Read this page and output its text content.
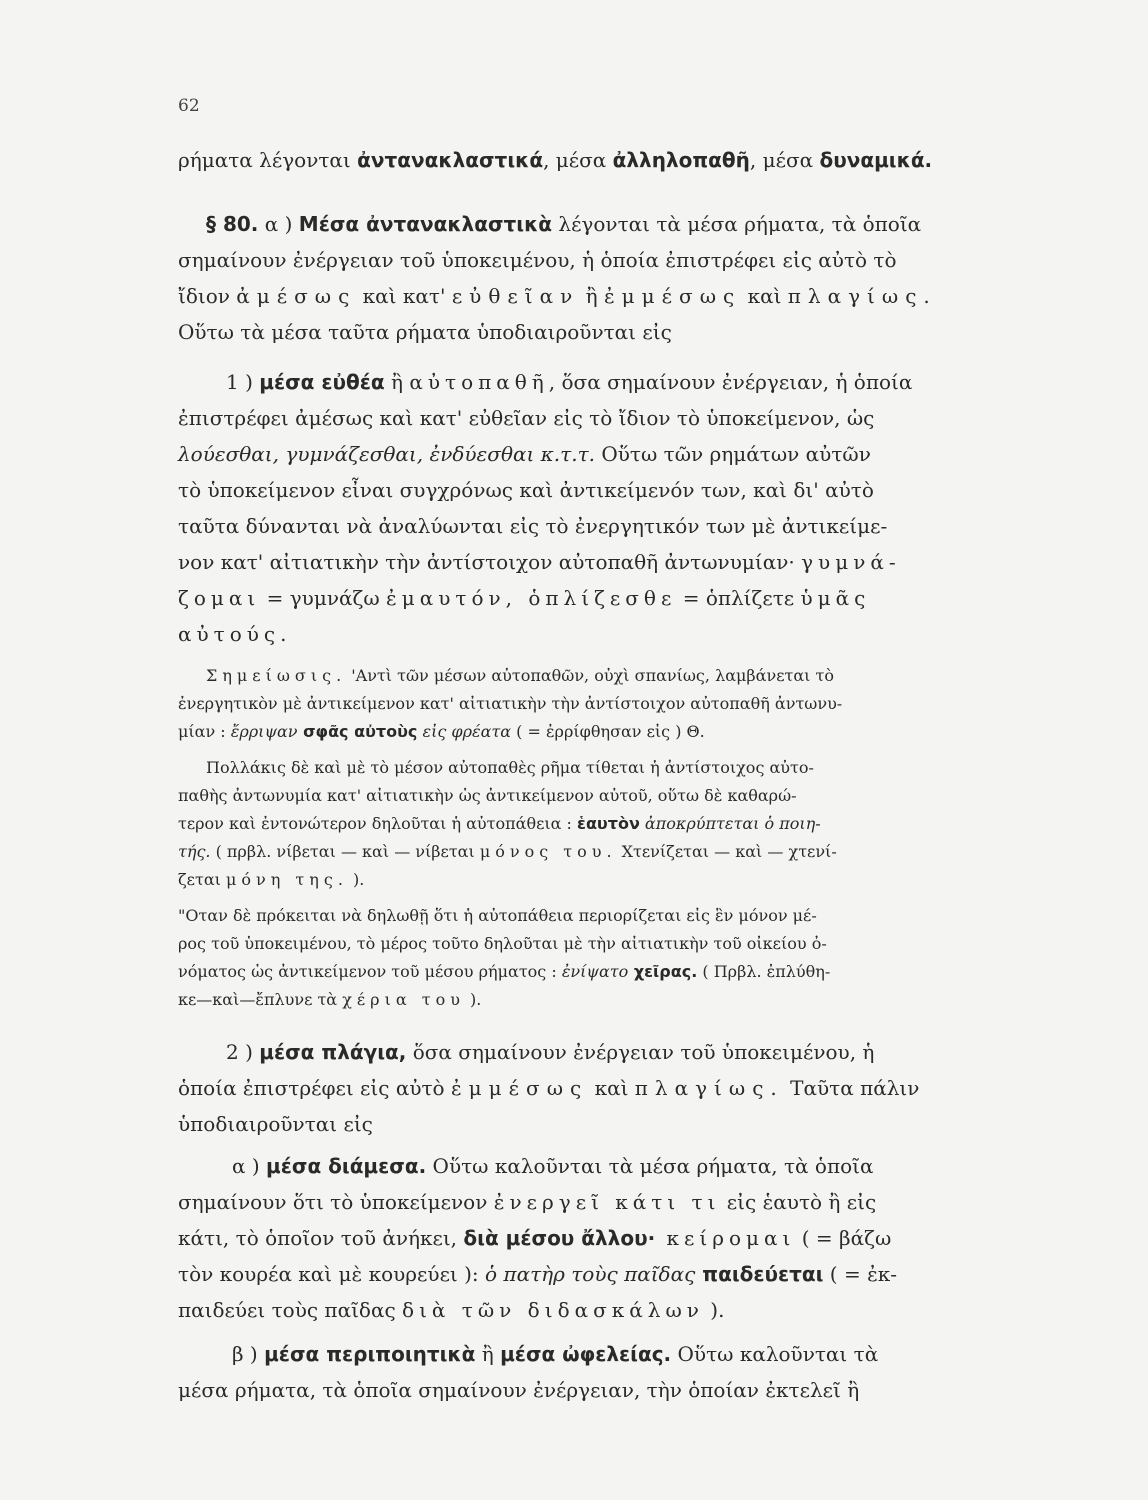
62
ρήματα λέγονται ἀντανακλαστικά, μέσα ἀλληλοπαθῆ, μέσα δυναμικά.
§ 80. α ) Μέσα ἀντανακλαστικὰ λέγονται τὰ μέσα ρήματα, τὰ ὁποῖα
σημαίνουν ἐνέργειαν τοῦ ὑποκειμένου, ἡ ὁποία ἐπιστρέφει εἰς αὐτὸ τὸ
ἴδιον ἀμέσως καὶ κατ' εὐθεῖαν ἢ ἐμμέσως καὶ πλαγίως.
Οὕτω τὰ μέσα ταῦτα ρήματα ὑποδιαιροῦνται εἰς
1 ) μέσα εὐθέα ἢ αὐτοπαθῆ, ὅσα σημαίνουν ἐνέργειαν, ἡ ὁποία
ἐπιστρέφει ἀμέσως καὶ κατ' εὐθεῖαν εἰς τὸ ἴδιον τὸ ὑποκείμενον, ὡς
λούεσθαι, γυμνάζεσθαι, ἐνδύεσθαι κ.τ.τ. Οὕτω τῶν ρημάτων αὐτῶν
τὸ ὑποκείμενον εἶναι συγχρόνως καὶ ἀντικείμενόν των, καὶ δι' αὐτὸ
ταῦτα δύνανται νὰ ἀναλύωνται εἰς τὸ ἐνεργητικόν των μὲ ἀντικείμε-
νον κατ' αἰτιατικὴν τὴν ἀντίστοιχον αὐτοπαθῆ ἀντωνυμίαν· γυμνά-
ζομαι = γυμνάζω ἐμαυτόν, ὁπλίζεσθε = ὁπλίζετε ὑμᾶς
αὐτούς.
Σημείωσις. 'Αντὶ τῶν μέσων αὐτοπαθῶν, οὐχὶ σπανίως, λαμβάνεται τὸ
ἐνεργητικὸν μὲ ἀντικείμενον κατ' αἰτιατικὴν τὴν ἀντίστοιχον αὐτοπαθῆ ἀντωνυ-
μίαν : ἔρριψαν σφᾶς αὐτοὺς εἰς φρέατα ( = ἐρρίφθησαν εἰς ) Θ.
Πολλάκις δὲ καὶ μὲ τὸ μέσον αὐτοπαθὲς ρῆμα τίθεται ἡ ἀντίστοιχος αὐτο-
παθὴς ἀντωνυμία κατ' αἰτιατικὴν ὡς ἀντικείμενον αὐτοῦ, οὕτω δὲ καθαρώ-
τερον καὶ ἐντονώτερον δηλοῦται ἡ αὐτοπάθεια : ἑαυτὸν ἀποκρύπτεται ὁ ποιη-
τής. ( πρβλ. νίβεται — καὶ — νίβεται μόνος του. Χτενίζεται — καὶ — χτενί-
ζεται μόνη της. ).
"Οταν δὲ πρόκειται νὰ δηλωθῇ ὅτι ἡ αὐτοπάθεια περιορίζεται εἰς ἓν μόνον μέ-
ρος τοῦ ὑποκειμένου, τὸ μέρος τοῦτο δηλοῦται μὲ τὴν αἰτιατικὴν τοῦ οἰκείου ὀ-
νόματος ὡς ἀντικείμενον τοῦ μέσου ρήματος : ἐνίψατο χεῖρας. ( Πρβλ. ἐπλύθη-
κε—καὶ—ἔπλυνε τὰ χέρια του ).
2 ) μέσα πλάγια, ὅσα σημαίνουν ἐνέργειαν τοῦ ὑποκειμένου, ἡ
ὁποία ἐπιστρέφει εἰς αὐτὸ ἐμμέσως καὶ πλαγίως. Ταῦτα πάλιν
ὑποδιαιροῦνται εἰς
α ) μέσα διάμεσα. Οὕτω καλοῦνται τὰ μέσα ρήματα, τὰ ὁποῖα
σημαίνουν ὅτι τὸ ὑποκείμενον ἐνεργεῖ κάτι τι εἰς ἑαυτὸ ἢ εἰς
κάτι, τὸ ὁποῖον τοῦ ἀνήκει, διὰ μέσου ἄλλου· κείρομαι ( = βάζω
τὸν κουρέα καὶ μὲ κουρεύει ): ὁ πατὴρ τοὺς παῖδας παιδεύεται ( = ἐκ-
παιδεύει τοὺς παῖδας διὰ τῶν διδασκάλων ).
β ) μέσα περιποιητικὰ ἢ μέσα ὠφελείας. Οὕτω καλοῦνται τὰ
μέσα ρήματα, τὰ ὁποῖα σημαίνουν ἐνέργειαν, τὴν ὁποίαν ἐκτελεῖ ἢ
